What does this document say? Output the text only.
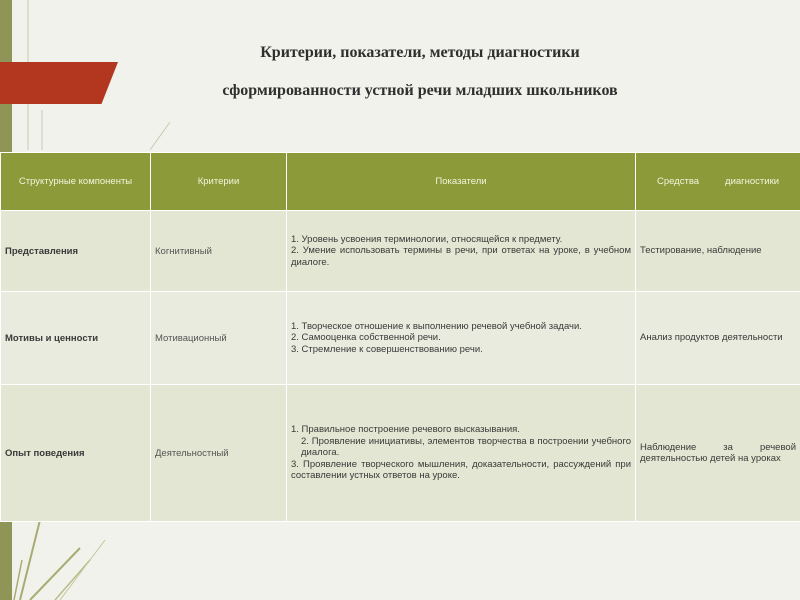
Критерии, показатели, методы диагностики
сформированности устной речи младших школьников
Структурные компоненты	Критерии	Показатели	Средства диагностики
Представления	Когнитивный	1. Уровень усвоения терминологии, относящейся к предмету.
2. Умение использовать термины в речи, при ответах на уроке, в учебном диалоге.	Тестирование, наблюдение
Мотивы и ценности	Мотивационный	1. Творческое отношение к выполнению речевой учебной задачи.
2. Самооценка собственной речи.
3. Стремление к совершенствованию речи.	Анализ продуктов деятельности
Опыт поведения	Деятельностный	1. Правильное построение речевого высказывания.
2. Проявление инициативы, элементов творчества в построении учебного диалога.
3. Проявление творческого мышления, доказательности, рассуждений при составлении устных ответов на уроке.	Наблюдение за речевой деятельностью детей на уроках
